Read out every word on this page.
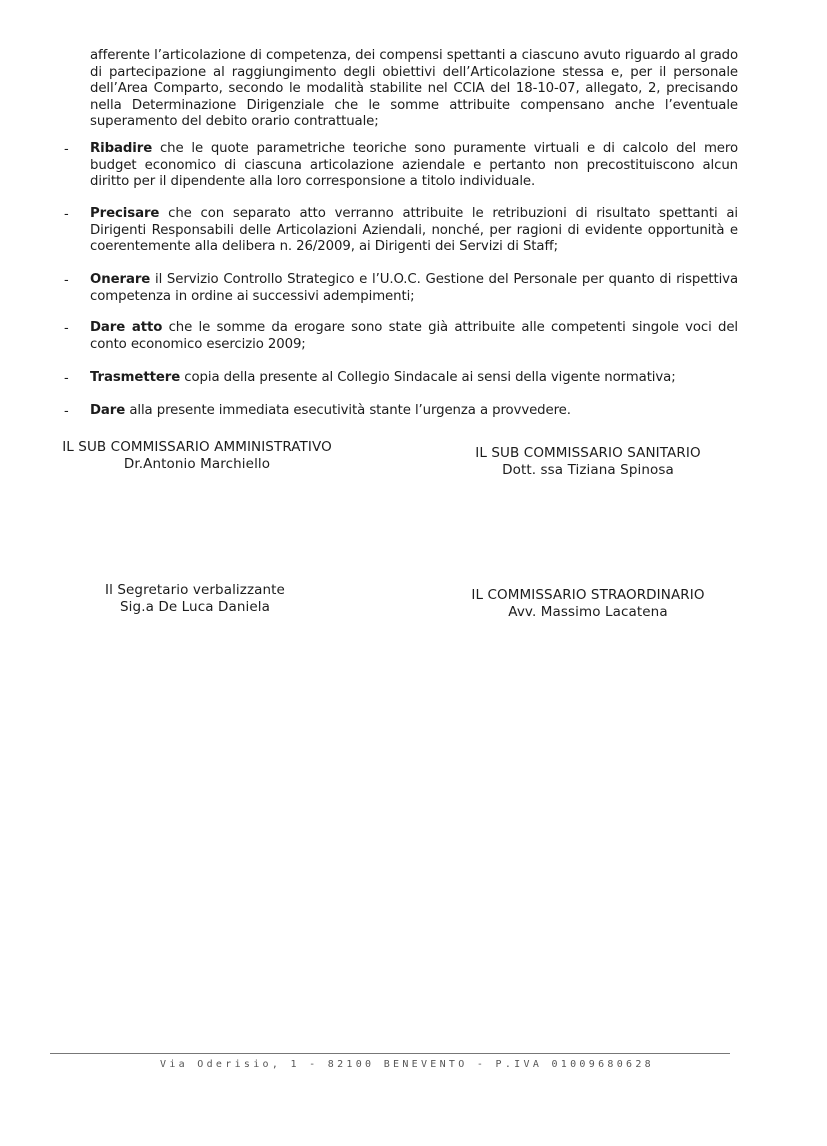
afferente l’articolazione di competenza, dei compensi spettanti a ciascuno avuto riguardo al grado di partecipazione al raggiungimento degli obiettivi dell’Articolazione stessa e, per il personale dell’Area Comparto, secondo le modalità stabilite nel CCIA del 18-10-07, allegato, 2, precisando nella Determinazione Dirigenziale che le somme attribuite compensano anche l’eventuale superamento del debito orario contrattuale;
- Ribadire che le quote parametriche teoriche sono puramente virtuali e di calcolo del mero budget economico di ciascuna articolazione aziendale e pertanto non precostituiscono alcun diritto per il dipendente alla loro corresponsione a titolo individuale.
- Precisare che con separato atto verranno attribuite le retribuzioni di risultato spettanti ai Dirigenti Responsabili delle Articolazioni Aziendali, nonché, per ragioni di evidente opportunità e coerentemente alla delibera n. 26/2009, ai Dirigenti dei Servizi di Staff;
- Onerare il Servizio Controllo Strategico e l’U.O.C. Gestione del Personale per quanto di rispettiva competenza in ordine ai successivi adempimenti;
- Dare atto che le somme da erogare sono state già attribuite alle competenti singole voci del conto economico esercizio 2009;
- Trasmettere copia della presente al Collegio Sindacale ai sensi della vigente normativa;
- Dare alla presente immediata esecutività stante l’urgenza a provvedere.
IL SUB COMMISSARIO AMMINISTRATIVO
Dr.Antonio Marchiello
IL SUB COMMISSARIO SANITARIO
Dott. ssa Tiziana Spinosa
Il Segretario verbalizzante
Sig.a De Luca Daniela
IL COMMISSARIO STRAORDINARIO
Avv. Massimo Lacatena
Via Oderisio, 1 - 82100 BENEVENTO - P.IVA 01009680628
